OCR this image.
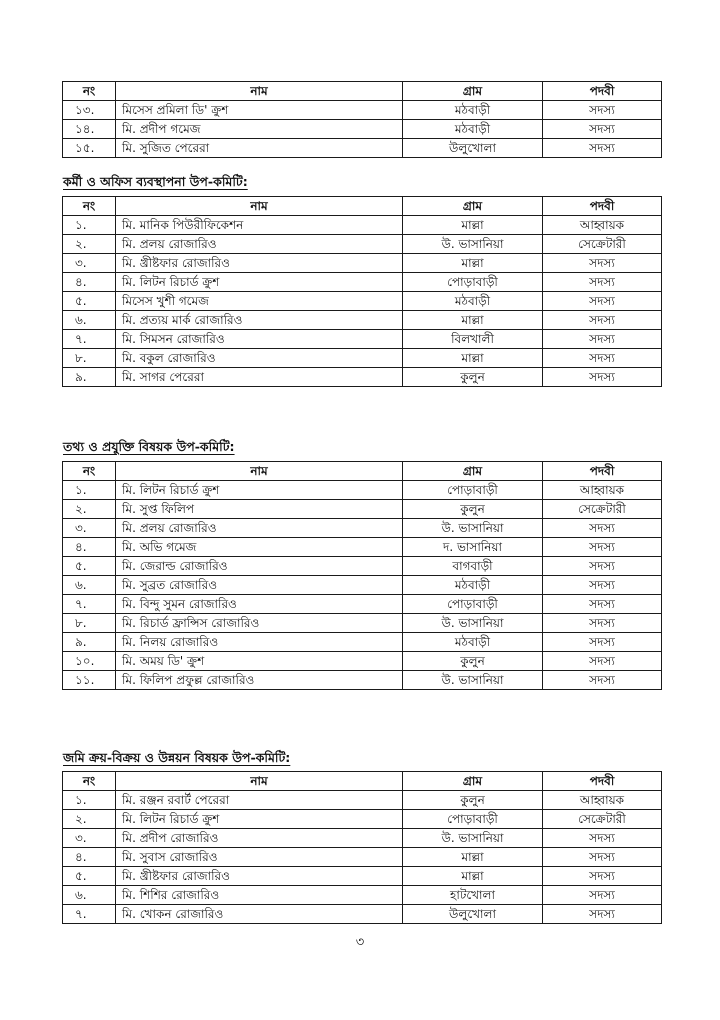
নং	নাম	গ্রাম	পদবী
১৩.	মিসেস প্রমিলা ডি' ক্রুশ	মঠবাড়ী	সদস্য
১৪.	মি. প্রদীপ গমেজ	মঠবাড়ী	সদস্য
১৫.	মি. সুজিত পেরেরা	উলুখোলা	সদস্য
কর্মী ও অফিস ব্যবস্থাপনা উপ-কমিটি:
নং	নাম	গ্রাম	পদবী
১.	মি. মানিক পিউরীফিকেশন	মাল্লা	আহ্বায়ক
২.	মি. প্রলয় রোজারিও	উ. ভাসানিয়া	সেক্রেটারী
৩.	মি. খ্রীষ্টফার রোজারিও	মাল্লা	সদস্য
৪.	মি. লিটন রিচার্ড ক্রুশ	পোড়াবাড়ী	সদস্য
৫.	মিসেস খুশী গমেজ	মঠবাড়ী	সদস্য
৬.	মি. প্রত্যয় মার্ক রোজারিও	মাল্লা	সদস্য
৭.	মি. সিমসন রোজারিও	বিলখালী	সদস্য
৮.	মি. বকুল রোজারিও	মাল্লা	সদস্য
৯.	মি. সাগর পেরেরা	কুলুন	সদস্য
তথ্য ও প্রযুক্তি বিষয়ক উপ-কমিটি:
নং	নাম	গ্রাম	পদবী
১.	মি. লিটন রিচার্ড ক্রুশ	পোড়াবাড়ী	আহ্বায়ক
২.	মি. সুপ্ত ফিলিপ	কুলুন	সেক্রেটারী
৩.	মি. প্রলয় রোজারিও	উ. ভাসানিয়া	সদস্য
৪.	মি. অভি গমেজ	দ. ভাসানিয়া	সদস্য
৫.	মি. জেরাল্ড রোজারিও	বাগবাড়ী	সদস্য
৬.	মি. সুব্রত রোজারিও	মঠবাড়ী	সদস্য
৭.	মি. বিন্দু সুমন রোজারিও	পোড়াবাড়ী	সদস্য
৮.	মি. রিচার্ড ফ্রান্সিস রোজারিও	উ. ভাসানিয়া	সদস্য
৯.	মি. নিলয় রোজারিও	মঠবাড়ী	সদস্য
১০.	মি. অময় ডি' ক্রুশ	কুলুন	সদস্য
১১.	মি. ফিলিপ প্রফুল্ল রোজারিও	উ. ভাসানিয়া	সদস্য
জমি ক্রয়-বিক্রয় ও উন্নয়ন বিষয়ক উপ-কমিটি:
নং	নাম	গ্রাম	পদবী
১.	মি. রঞ্জন রবার্ট পেরেরা	কুলুন	আহ্বায়ক
২.	মি. লিটন রিচার্ড ক্রুশ	পোড়াবাড়ী	সেক্রেটারী
৩.	মি. প্রদীপ রোজারিও	উ. ভাসানিয়া	সদস্য
৪.	মি. সুবাস রোজারিও	মাল্লা	সদস্য
৫.	মি. খ্রীষ্টফার রোজারিও	মাল্লা	সদস্য
৬.	মি. শিশির রোজারিও	হাটখোলা	সদস্য
৭.	মি. খোকন রোজারিও	উলুখোলা	সদস্য
৩
